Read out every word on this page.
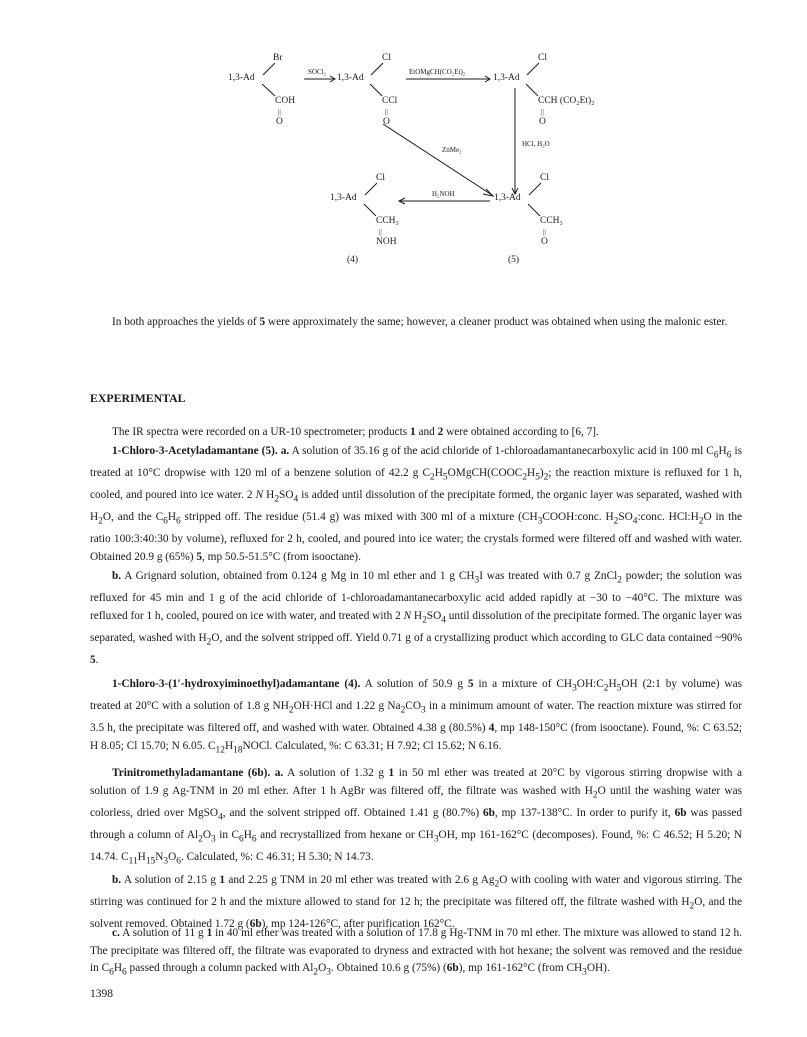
Br
1,3-Ad
COH
||
O
SOCl₂
Cl
1,3-Ad
CCl
||
O
EtOMgCH(CO₂Et)₂
Cl
1,3-Ad
CCH (CO₂Et)₂
||
O
ZnMe₂
HCl, H₂O
Cl
1,3-Ad
CCH₃
||
O
(5)
H₂NOH
Cl
1,3-Ad
CCH₃
||
NOH
(4)

In both approaches the yields of 5 were approximately the same; however, a cleaner product was obtained when using the malonic ester.

EXPERIMENTAL

The IR spectra were recorded on a UR-10 spectrometer; products 1 and 2 were obtained according to [6, 7].

1-Chloro-3-Acetyladamantane (5). a. A solution of 35.16 g of the acid chloride of 1-chloroadamantanecarboxylic acid in 100 ml $C_6H_6$ is treated at 10°C dropwise with 120 ml of a benzene solution of 42.2 g $C_2H_5OMgCH(COOC_2H_5)_2$; the reaction mixture is refluxed for 1 h, cooled, and poured into ice water. 2 N $H_2SO_4$ is added until dissolution of the precipitate formed, the organic layer was separated, washed with $H_2O$, and the $C_6H_6$ stripped off. The residue (51.4 g) was mixed with 300 ml of a mixture ($CH_3COOH:conc$. $H_2SO_4:conc$. $HCl:H_2O$ in the ratio 100:3:40:30 by volume), refluxed for 2 h, cooled, and poured into ice water; the crystals formed were filtered off and washed with water. Obtained 20.9 g (65%) 5, mp 50.5-51.5°C (from isooctane).

b. A Grignard solution, obtained from 0.124 g Mg in 10 ml ether and 1 g $CH_3I$ was treated with 0.7 g ZnCl$_2$ powder; the solution was refluxed for 45 min and 1 g of the acid chloride of 1-chloroadamantanecarboxylic acid added rapidly at −30 to −40°C. The mixture was refluxed for 1 h, cooled, poured on ice with water, and treated with 2 N $H_2SO_4$ until dissolution of the precipitate formed. The organic layer was separated, washed with $H_2O$, and the solvent stripped off. Yield 0.71 g of a crystallizing product which according to GLC data contained ~90% 5.

1-Chloro-3-(1′-hydroxyiminoethyl)adamantane (4). A solution of 50.9 g 5 in a mixture of $CH_3OH:C_2H_5OH$ (2:1 by volume) was treated at 20°C with a solution of 1.8 g $NH_2OH\cdot HCl$ and 1.22 g $Na_2CO_3$ in a minimum amount of water. The reaction mixture was stirred for 3.5 h, the precipitate was filtered off, and washed with water. Obtained 4.38 g (80.5%) 4, mp 148-150°C (from isooctane). Found, %: C 63.52; H 8.05; Cl 15.70; N 6.05. $C_{12}H_{18}NOCl$. Calculated, %: C 63.31; H 7.92; Cl 15.62; N 6.16.

Trinitromethyladamantane (6b). a. A solution of 1.32 g 1 in 50 ml ether was treated at 20°C by vigorous stirring dropwise with a solution of 1.9 g Ag-TNM in 20 ml ether. After 1 h AgBr was filtered off, the filtrate was washed with $H_2O$ until the washing water was colorless, dried over MgSO$_4$, and the solvent stripped off. Obtained 1.41 g (80.7%) 6b, mp 137-138°C. In order to purify it, 6b was passed through a column of $Al_2O_3$ in $C_6H_6$ and recrystallized from hexane or $CH_3OH$, mp 161-162°C (decomposes). Found, %: C 46.52; H 5.20; N 14.74. $C_{11}H_{15}N_3O_6$. Calculated, %: C 46.31; H 5.30; N 14.73.

b. A solution of 2.15 g 1 and 2.25 g TNM in 20 ml ether was treated with 2.6 g $Ag_2O$ with cooling with water and vigorous stirring. The stirring was continued for 2 h and the mixture allowed to stand for 12 h; the precipitate was filtered off, the filtrate washed with $H_2O$, and the solvent removed. Obtained 1.72 g (6b), mp 124-126°C, after purification 162°C.

c. A solution of 11 g 1 in 40 ml ether was treated with a solution of 17.8 g Hg-TNM in 70 ml ether. The mixture was allowed to stand 12 h. The precipitate was filtered off, the filtrate was evaporated to dryness and extracted with hot hexane; the solvent was removed and the residue in $C_6H_6$ passed through a column packed with $Al_2O_3$. Obtained 10.6 g (75%) (6b), mp 161-162°C (from $CH_3OH$).

1398
